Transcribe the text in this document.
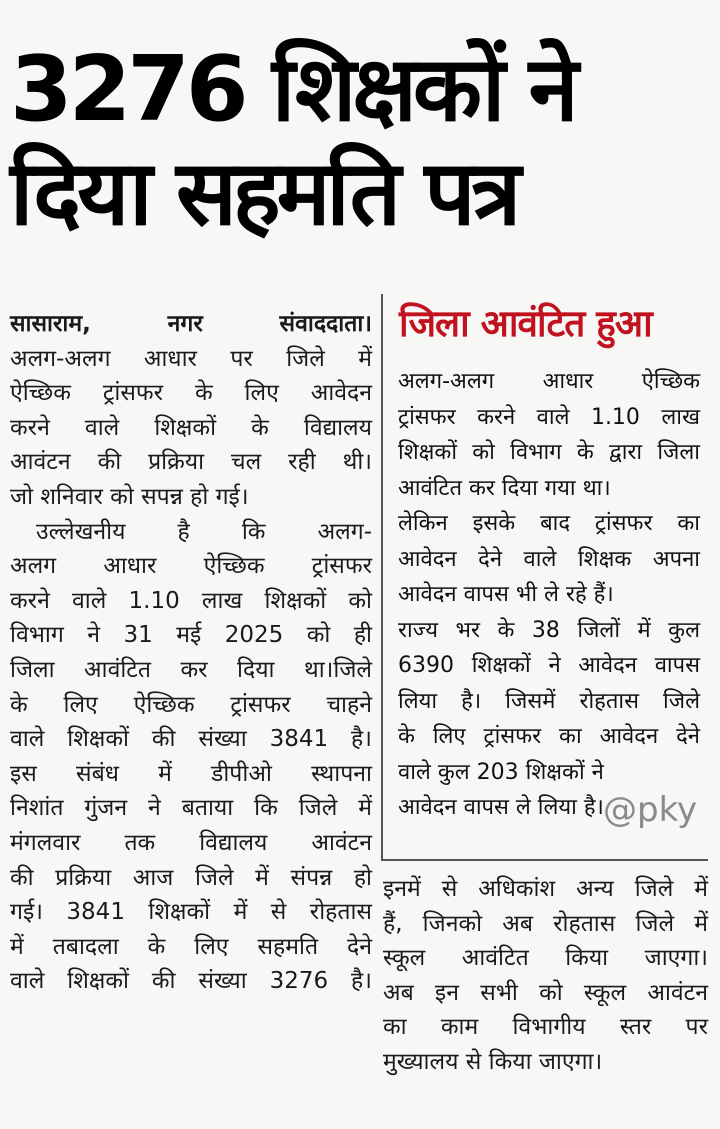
3276 शिक्षकों ने
दिया सहमति पत्र

सासाराम, नगर संवाददाता।

अलग-अलग आधार पर जिले में

ऐच्छिक ट्रांसफर के लिए आवेदन

करने वाले शिक्षकों के विद्यालय

आवंटन की प्रक्रिया चल रही थी।

जो शनिवार को सपन्न हो गई।

उल्लेखनीय है कि अलग-

अलग आधार ऐच्छिक ट्रांसफर

करने वाले 1.10 लाख शिक्षकों को

विभाग ने 31 मई 2025 को ही

जिला आवंटित कर दिया था।जिले

के लिए ऐच्छिक ट्रांसफर चाहने

वाले शिक्षकों की संख्या 3841 है।

इस संबंध में डीपीओ स्थापना

निशांत गुंजन ने बताया कि जिले में

मंगलवार तक विद्यालय आवंटन

की प्रक्रिया आज जिले में संपन्न हो

गई। 3841 शिक्षकों में से रोहतास

में तबादला के लिए सहमति देने

वाले शिक्षकों की संख्या 3276 है।

जिला आवंटित हुआ

अलग-अलग आधार ऐच्छिक

ट्रांसफर करने वाले 1.10 लाख

शिक्षकों को विभाग के द्वारा जिला

आवंटित कर दिया गया था।

लेकिन इसके बाद ट्रांसफर का

आवेदन देने वाले शिक्षक अपना

आवेदन वापस भी ले रहे हैं।

राज्य भर के 38 जिलों में कुल

6390 शिक्षकों ने आवेदन वापस

लिया है। जिसमें रोहतास जिले

के लिए ट्रांसफर का आवेदन देने

वाले कुल 203 शिक्षकों ने

आवेदन वापस ले लिया है। @pky

इनमें से अधिकांश अन्य जिले में

हैं, जिनको अब रोहतास जिले में

स्कूल आवंटित किया जाएगा।

अब इन सभी को स्कूल आवंटन

का काम विभागीय स्तर पर

मुख्यालय से किया जाएगा।
